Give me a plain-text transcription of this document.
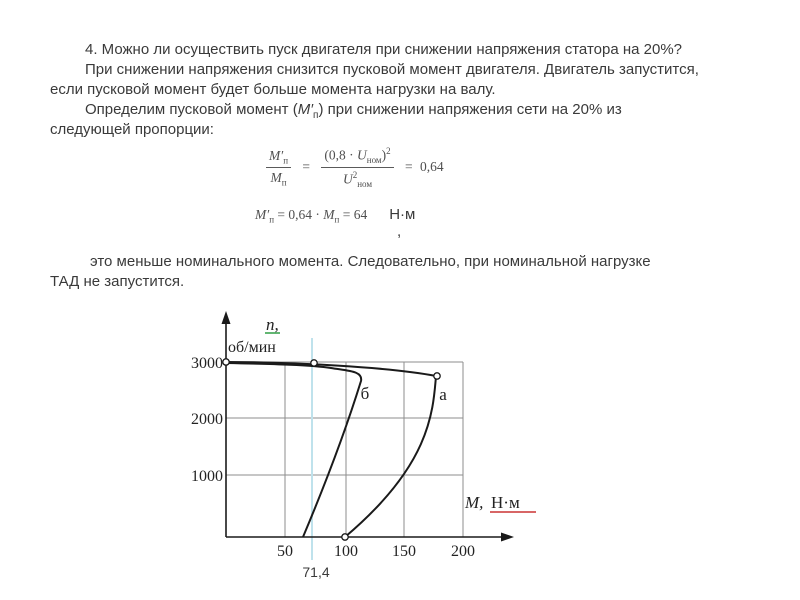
4. Можно ли осуществить пуск двигателя при снижении напряжения статора на 20%?
При снижении напряжения снизится пусковой момент двигателя. Двигатель запустится,
если пусковой момент будет больше момента нагрузки на валу.
Определим пусковой момент $(M'_п)$ при снижении напряжения сети на 20% из
следующей пропорции:
$\frac{M'_п}{M_п} = \frac{(0,8 \cdot U_{ном})^2}{U^2_{ном}} = 0,64$
$M'_п = 0,64 \cdot M_п = 64$ Н·м
,
это меньше номинального момента. Следовательно, при номинальной нагрузке
ТАД не запустится.
3000
2000
1000
50	100 150 200
n,
об/мин
M, Н·м
б	а
71,4
